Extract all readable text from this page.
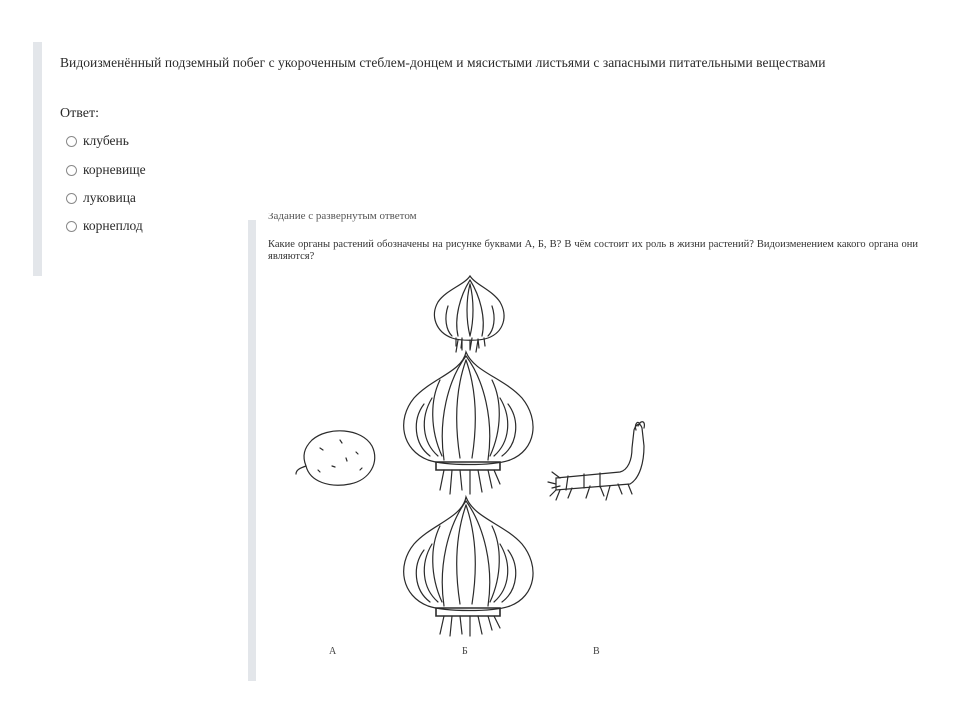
Видоизменённый подземный побег с укороченным стеблем-донцем и мясистыми листьями с запасными питательными веществами
Ответ:
клубень
корневище
луковица
корнеплод
Задание с развёрнутым ответом
Какие органы растений обозначены на рисунке буквами А, Б, В? В чём состоит их роль в жизни растений? Видоизменением какого органа они являются?
А	Б	В
